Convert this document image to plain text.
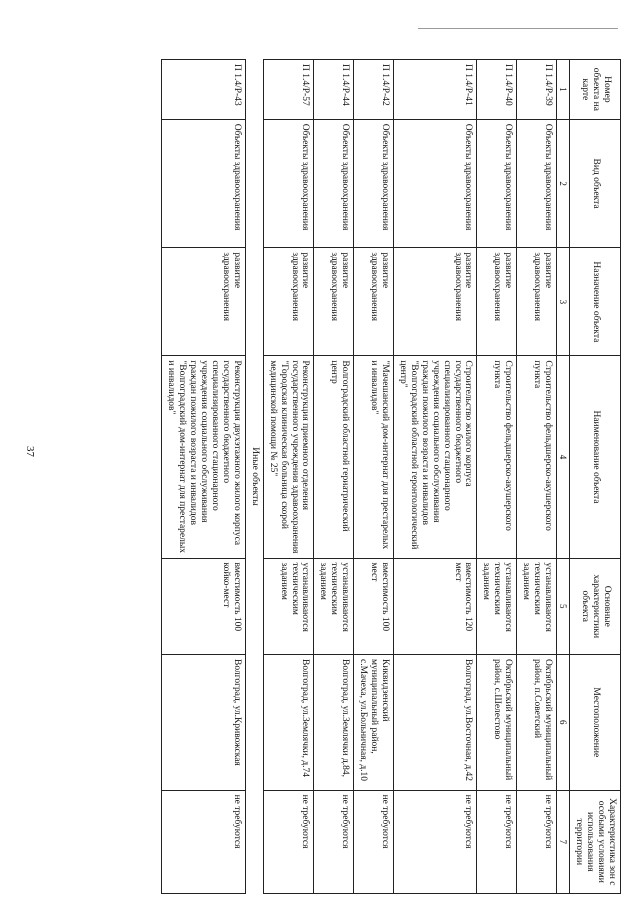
37
Номер объекта на карте	Вид объекта	Назначение объекта	Наименование объекта	Основные характеристики объекта	Местоположение	Характеристика зон с особыми условиями использования территории
1	2	3	4	5	6	7
П 1.4/Р-39	Объекты здравоохранения	развитие здравоохранения	Строительство фельдшерско-акушерского пункта	устанавливаются техническим заданием	Октябрьский муниципальный район, п.Советский	не требуются
П 1.4/Р-40	Объекты здравоохранения	развитие здравоохранения	Строительство фельдшерско-акушерского пункта	устанавливаются техническим заданием	Октябрьский муниципальный район, с.Шелестово	не требуются
П 1.4/Р-41	Объекты здравоохранения	развитие здравоохранения	Строительство жилого корпуса государственного бюджетного специализированного стационарного учреждения социального обслуживания граждан пожилого возраста и инвалидов "Волгоградский областной геронтологический центр"	вместимость 120 мест	Волгоград, ул.Восточная, д.42	не требуются
П 1.4/Р-42	Объекты здравоохранения	развитие здравоохранения	"Мачешанский дом-интернат для престарелых и инвалидов"	вместимость 100 мест	Киквидзенский муниципальный район, с.Мачеха, ул.Больничная, д.10	не требуются
П 1.4/Р-44	Объекты здравоохранения	развитие здравоохранения	Волгоградский областной гериатрический центр	устанавливаются техническим заданием	Волгоград, ул.Землячки д.84,	не требуются
П 1.4/Р-57	Объекты здравоохранения	развитие здравоохранения	Реконструкция приемного отделения государственного учреждения здравоохранения "Городская клиническая больница скорой медицинской помощи № 25"	устанавливаются техническим заданием	Волгоград, ул.Землячки, д.74	не требуются
Иные объекты						
П 1.4/Р-43	Объекты здравоохранения	развитие здравоохранения	Реконструкция двухэтажного жилого корпуса государственного бюджетного специализированного стационарного учреждения социального обслуживания граждан пожилого возраста и инвалидов "Волгоградский дом-интернат для престарелых и инвалидов"	вместимость 100 койко-мест	Волгоград, ул.Кривожская	не требуются
